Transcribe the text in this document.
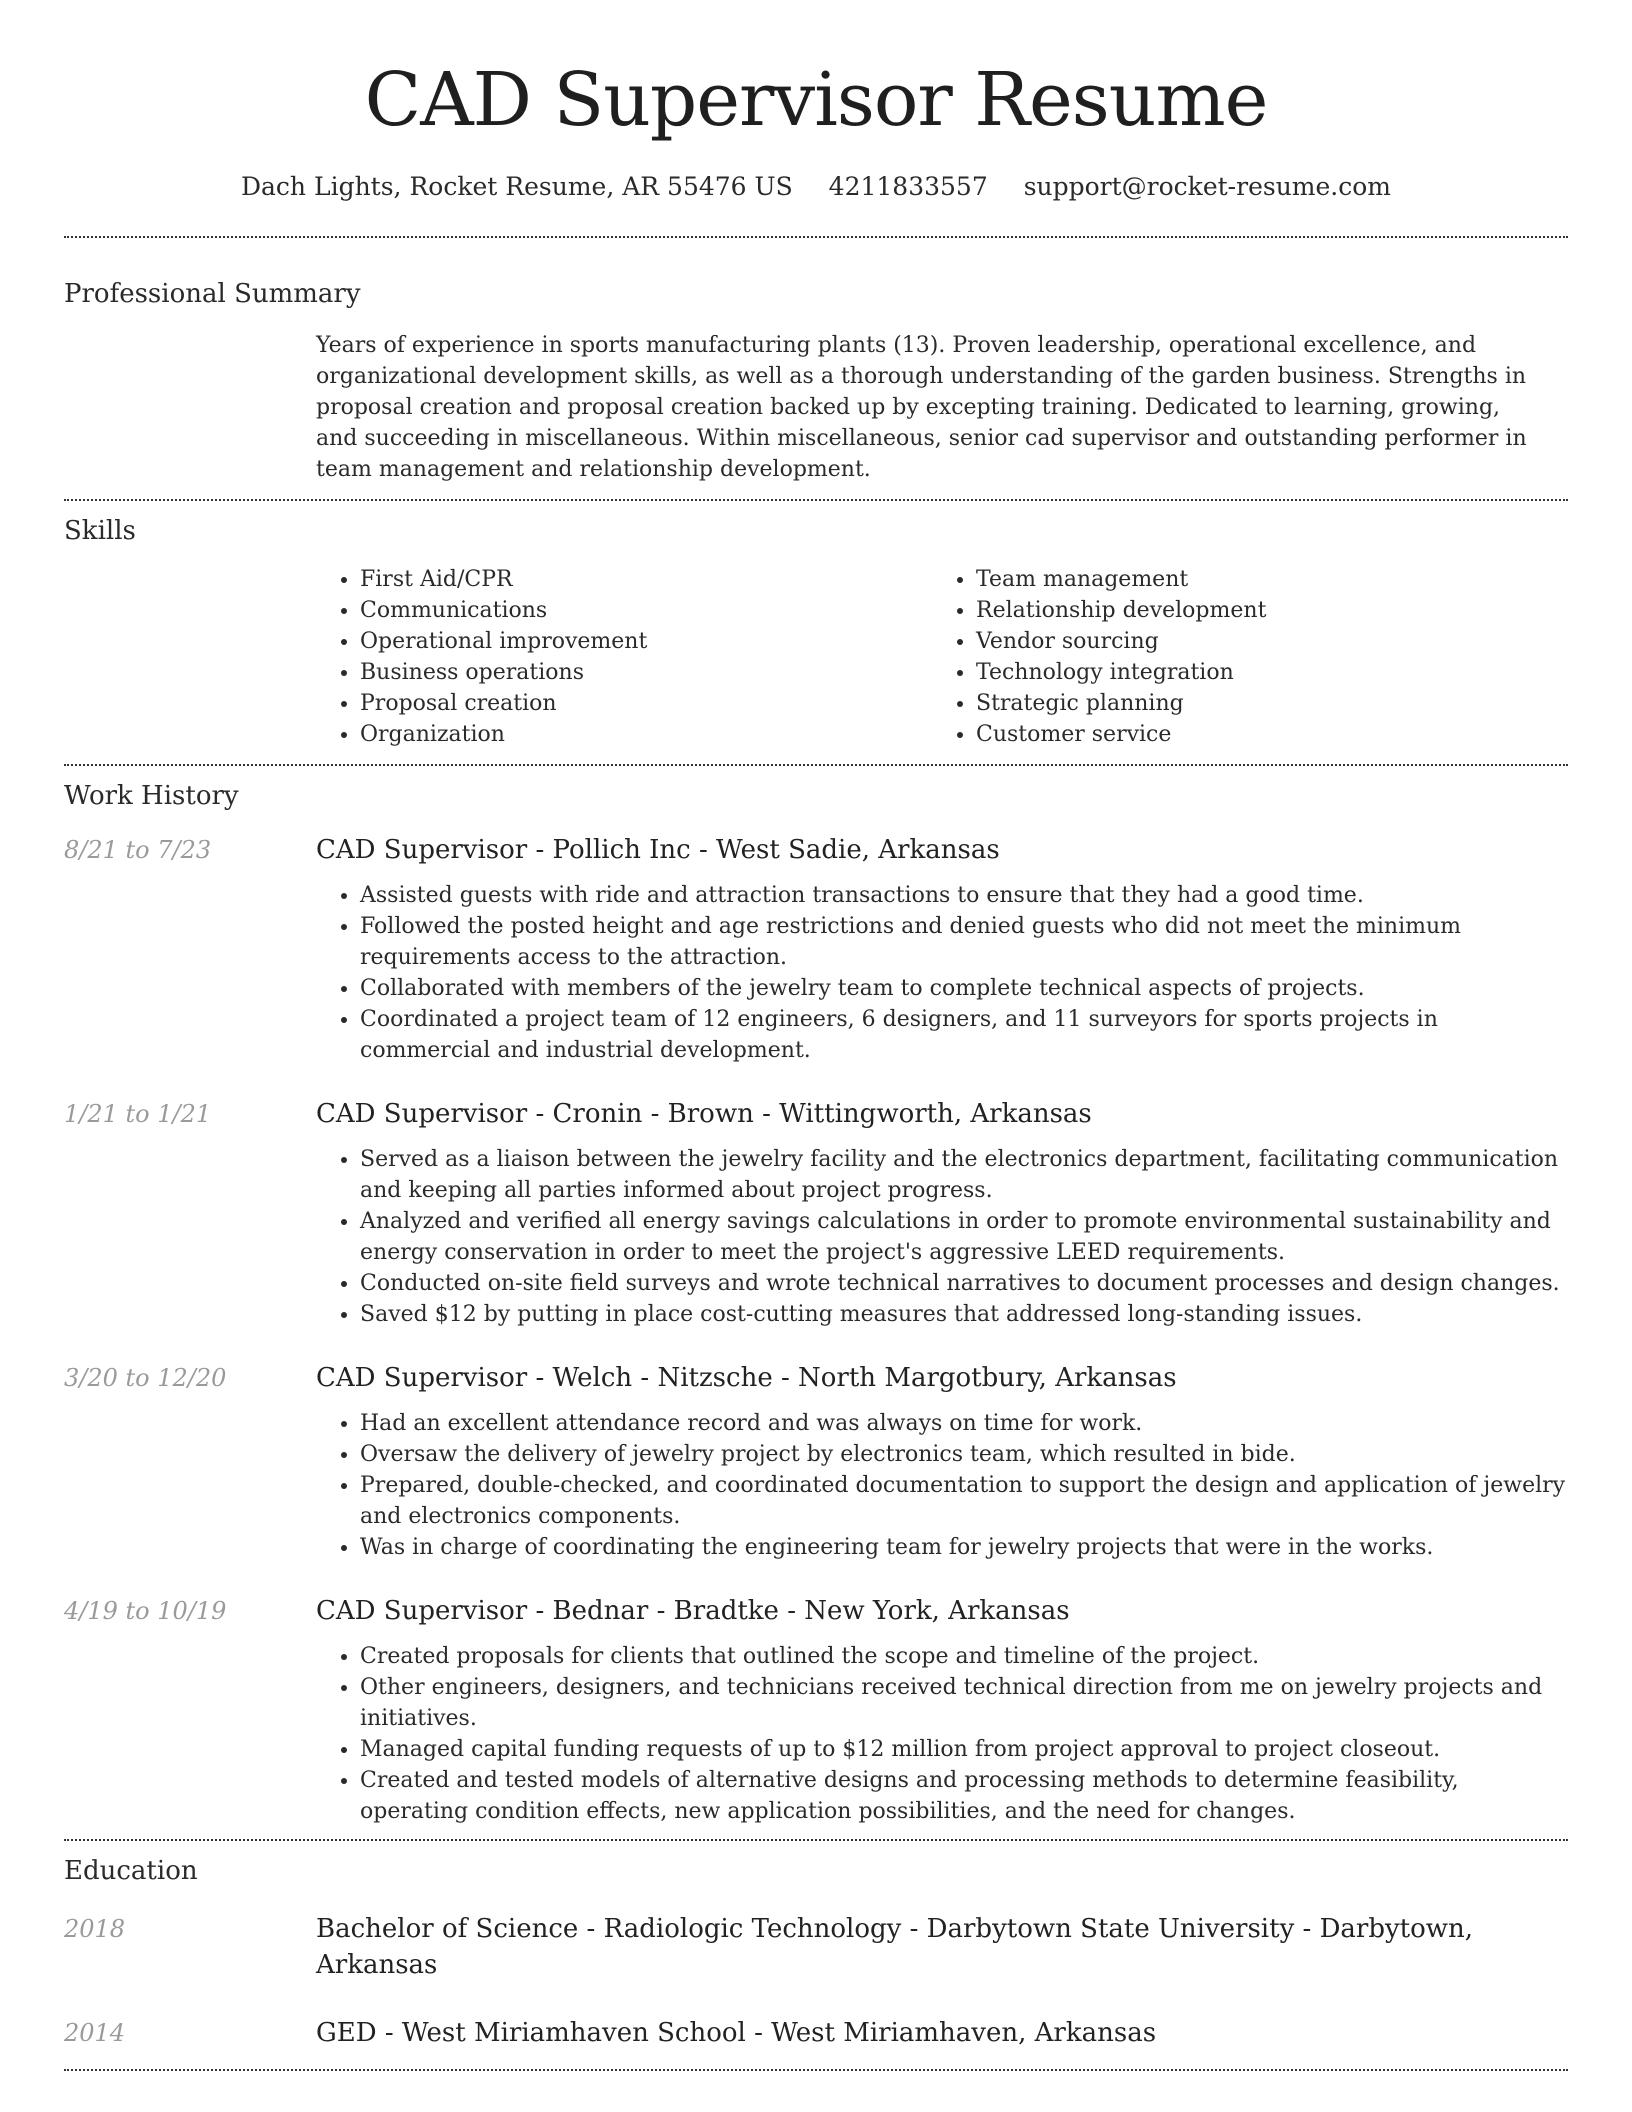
CAD Supervisor Resume
Dach Lights, Rocket Resume, AR 55476 US 4211833557 support@rocket-resume.com
Professional Summary

Years of experience in sports manufacturing plants (13). Proven leadership, operational excellence, and organizational development skills, as well as a thorough understanding of the garden business. Strengths in proposal creation and proposal creation backed up by excepting training. Dedicated to learning, growing, and succeeding in miscellaneous. Within miscellaneous, senior cad supervisor and outstanding performer in team management and relationship development.

Skills
• First Aid/CPR
• Communications
• Operational improvement
• Business operations
• Proposal creation
• Organization
• Team management
• Relationship development
• Vendor sourcing
• Technology integration
• Strategic planning
• Customer service
Work History
8/21 to 7/23	CAD Supervisor - Pollich Inc - West Sadie, Arkansas
• Assisted guests with ride and attraction transactions to ensure that they had a good time.
• Followed the posted height and age restrictions and denied guests who did not meet the minimum requirements access to the attraction.
• Collaborated with members of the jewelry team to complete technical aspects of projects.
• Coordinated a project team of 12 engineers, 6 designers, and 11 surveyors for sports projects in commercial and industrial development.
1/21 to 1/21	CAD Supervisor - Cronin - Brown - Wittingworth, Arkansas
• Served as a liaison between the jewelry facility and the electronics department, facilitating communication and keeping all parties informed about project progress.
• Analyzed and verified all energy savings calculations in order to promote environmental sustainability and energy conservation in order to meet the project's aggressive LEED requirements.
• Conducted on-site field surveys and wrote technical narratives to document processes and design changes.
• Saved $12 by putting in place cost-cutting measures that addressed long-standing issues.
3/20 to 12/20	CAD Supervisor - Welch - Nitzsche - North Margotbury, Arkansas
• Had an excellent attendance record and was always on time for work.
• Oversaw the delivery of jewelry project by electronics team, which resulted in bide.
• Prepared, double-checked, and coordinated documentation to support the design and application of jewelry and electronics components.
• Was in charge of coordinating the engineering team for jewelry projects that were in the works.
4/19 to 10/19	CAD Supervisor - Bednar - Bradtke - New York, Arkansas
• Created proposals for clients that outlined the scope and timeline of the project.
• Other engineers, designers, and technicians received technical direction from me on jewelry projects and initiatives.
• Managed capital funding requests of up to $12 million from project approval to project closeout.
• Created and tested models of alternative designs and processing methods to determine feasibility, operating condition effects, new application possibilities, and the need for changes.
Education
2018	Bachelor of Science - Radiologic Technology - Darbytown State University - Darbytown, Arkansas
2014	GED - West Miriamhaven School - West Miriamhaven, Arkansas
